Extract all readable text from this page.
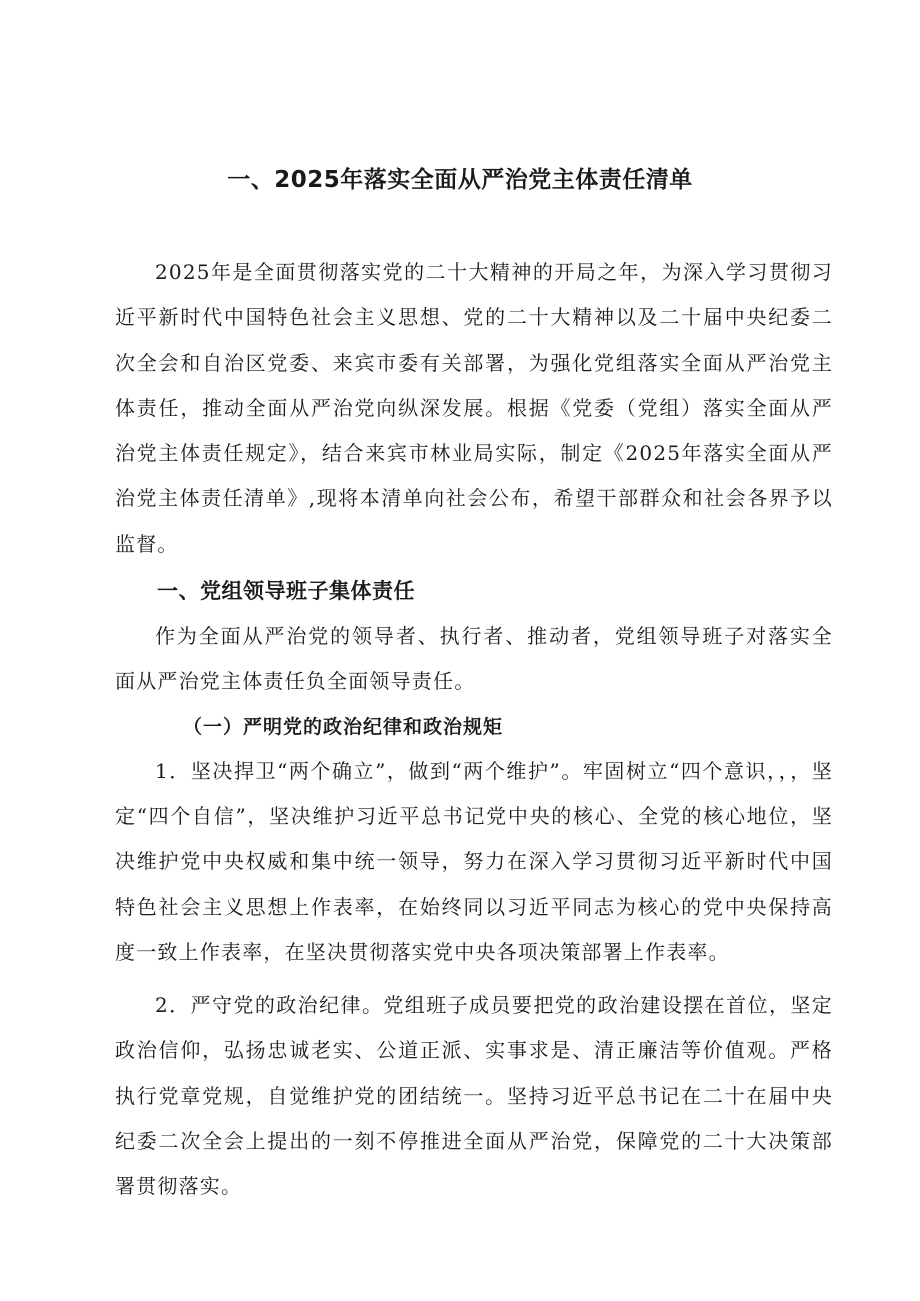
一、2025年落实全面从严治党主体责任清单

2025年是全面贯彻落实党的二十大精神的开局之年，为深入学习贯彻习近平新时代中国特色社会主义思想、党的二十大精神以及二十届中央纪委二次全会和自治区党委、来宾市委有关部署，为强化党组落实全面从严治党主体责任，推动全面从严治党向纵深发展。根据《党委（党组）落实全面从严治党主体责任规定》，结合来宾市林业局实际，制定《2025年落实全面从严治党主体责任清单》,现将本清单向社会公布，希望干部群众和社会各界予以监督。

一、党组领导班子集体责任

作为全面从严治党的领导者、执行者、推动者，党组领导班子对落实全面从严治党主体责任负全面领导责任。

（一）严明党的政治纪律和政治规矩

1．坚决捍卫“两个确立”，做到“两个维护”。牢固树立“四个意识，，，坚定“四个自信”，坚决维护习近平总书记党中央的核心、全党的核心地位，坚决维护党中央权威和集中统一领导，努力在深入学习贯彻习近平新时代中国特色社会主义思想上作表率，在始终同以习近平同志为核心的党中央保持高度一致上作表率，在坚决贯彻落实党中央各项决策部署上作表率。

2．严守党的政治纪律。党组班子成员要把党的政治建设摆在首位，坚定政治信仰，弘扬忠诚老实、公道正派、实事求是、清正廉洁等价值观。严格执行党章党规，自觉维护党的团结统一。坚持习近平总书记在二十在届中央纪委二次全会上提出的一刻不停推进全面从严治党，保障党的二十大决策部署贯彻落实。
